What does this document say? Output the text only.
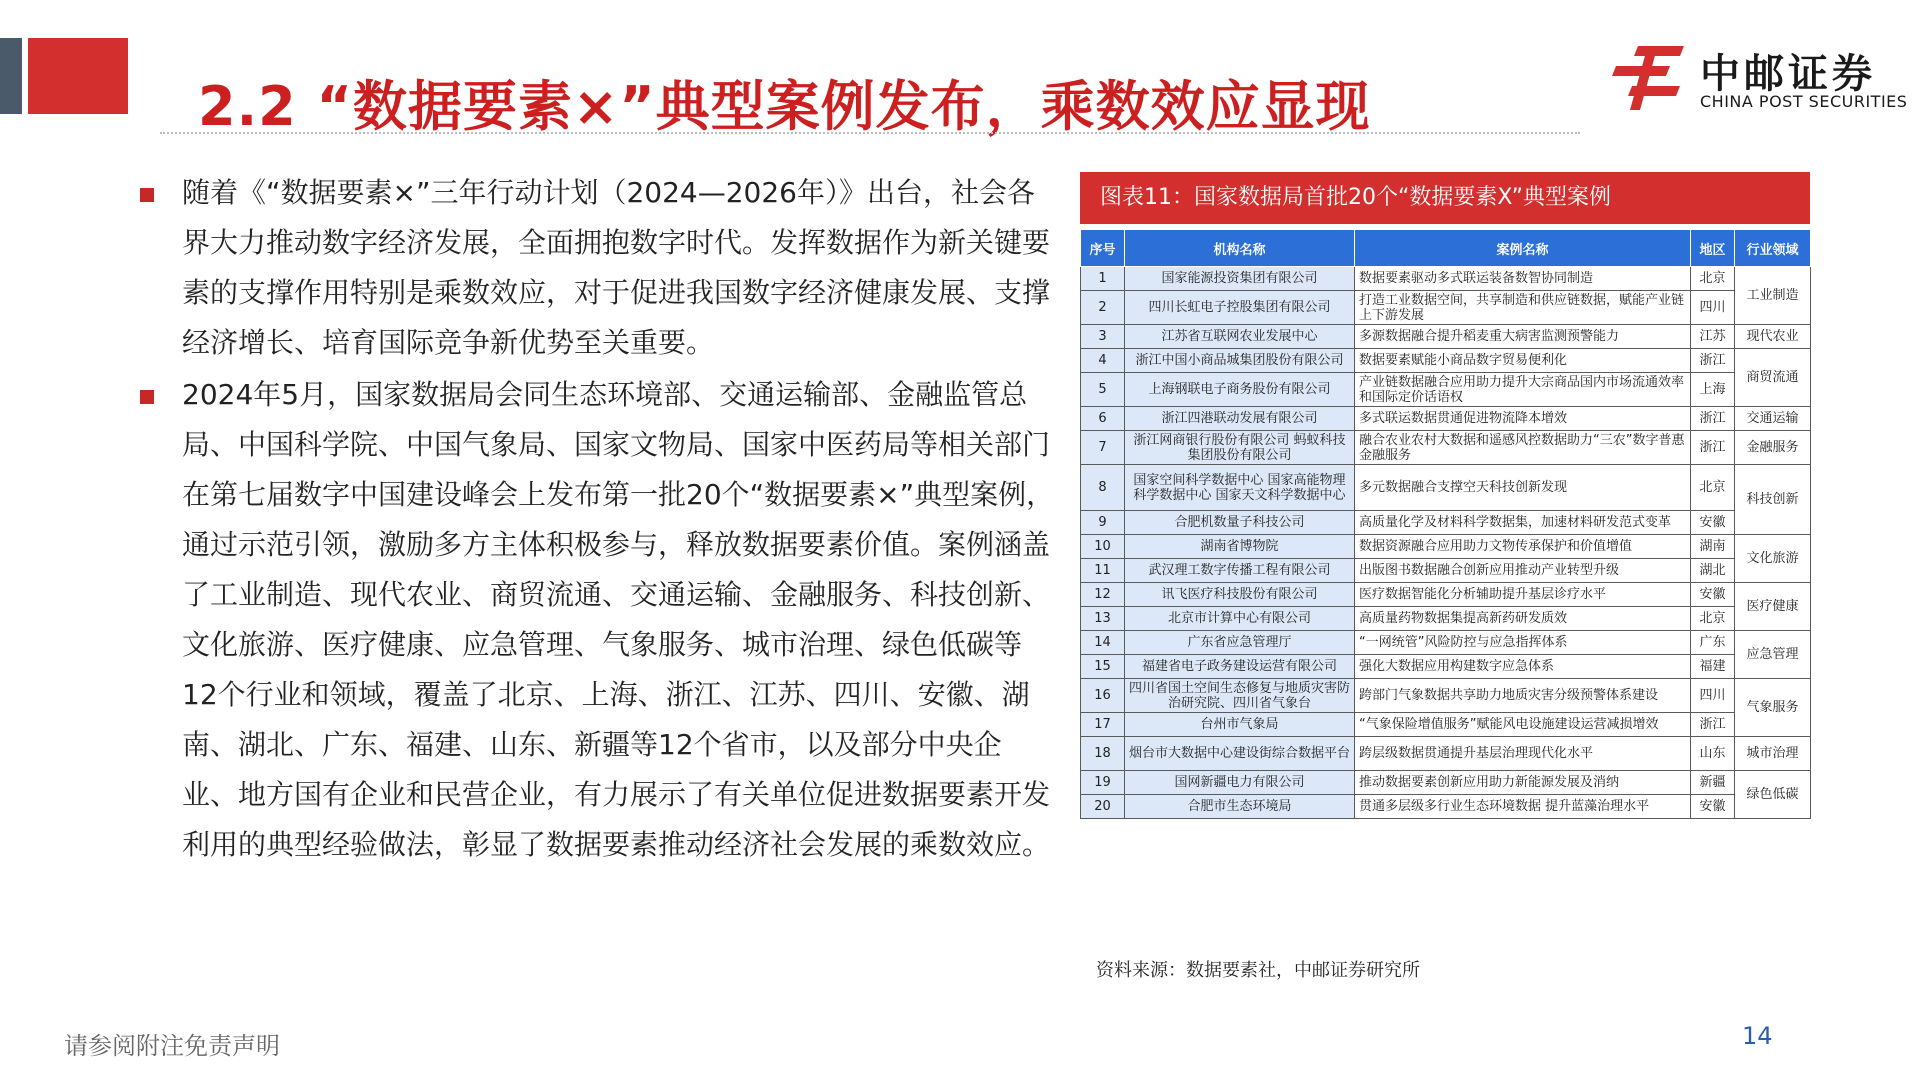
2.2 “数据要素×”典型案例发布，乘数效应显现
中邮证券
CHINA POST SECURITIES
随着《“数据要素×”三年行动计划（2024—2026年）》出台，社会各界大力推动数字经济发展，全面拥抱数字时代。发挥数据作为新关键要素的支撑作用特别是乘数效应，对于促进我国数字经济健康发展、支撑经济增长、培育国际竞争新优势至关重要。
2024年5月，国家数据局会同生态环境部、交通运输部、金融监管总局、中国科学院、中国气象局、国家文物局、国家中医药局等相关部门在第七届数字中国建设峰会上发布第一批20个“数据要素×”典型案例，通过示范引领，激励多方主体积极参与，释放数据要素价值。案例涵盖了工业制造、现代农业、商贸流通、交通运输、金融服务、科技创新、文化旅游、医疗健康、应急管理、气象服务、城市治理、绿色低碳等12个行业和领域，覆盖了北京、上海、浙江、江苏、四川、安徽、湖南、湖北、广东、福建、山东、新疆等12个省市，以及部分中央企业、地方国有企业和民营企业，有力展示了有关单位促进数据要素开发利用的典型经验做法，彰显了数据要素推动经济社会发展的乘数效应。
图表11：国家数据局首批20个“数据要素X”典型案例
序号	机构名称	案例名称	地区	行业领域
1	国家能源投资集团有限公司	数据要素驱动多式联运装备数智协同制造	北京	工业制造
2	四川长虹电子控股集团有限公司	打造工业数据空间，共享制造和供应链数据，赋能产业链上下游发展	四川	
3	江苏省互联网农业发展中心	多源数据融合提升稻麦重大病害监测预警能力	江苏	现代农业
4	浙江中国小商品城集团股份有限公司	数据要素赋能小商品数字贸易便利化	浙江	商贸流通
5	上海钢联电子商务股份有限公司	产业链数据融合应用助力提升大宗商品国内市场流通效率和国际定价话语权	上海	
6	浙江四港联动发展有限公司	多式联运数据贯通促进物流降本增效	浙江	交通运输
7	浙江网商银行股份有限公司 蚂蚁科技集团股份有限公司	融合农业农村大数据和遥感风控数据助力“三农”数字普惠金融服务	浙江	金融服务
8	国家空间科学数据中心 国家高能物理科学数据中心 国家天文科学数据中心	多元数据融合支撑空天科技创新发现	北京	科技创新
9	合肥机数量子科技公司	高质量化学及材料科学数据集，加速材料研发范式变革	安徽	
10	湖南省博物院	数据资源融合应用助力文物传承保护和价值增值	湖南	文化旅游
11	武汉理工数字传播工程有限公司	出版图书数据融合创新应用推动产业转型升级	湖北	
12	讯飞医疗科技股份有限公司	医疗数据智能化分析辅助提升基层诊疗水平	安徽	医疗健康
13	北京市计算中心有限公司	高质量药物数据集提高新药研发质效	北京	
14	广东省应急管理厅	“一网统管”风险防控与应急指挥体系	广东	应急管理
15	福建省电子政务建设运营有限公司	强化大数据应用构建数字应急体系	福建	
16	四川省国土空间生态修复与地质灾害防治研究院、四川省气象台	跨部门气象数据共享助力地质灾害分级预警体系建设	四川	气象服务
17	台州市气象局	“气象保险增值服务”赋能风电设施建设运营减损增效	浙江	
18	烟台市大数据中心建设街综合数据平台	跨层级数据贯通提升基层治理现代化水平	山东	城市治理
19	国网新疆电力有限公司	推动数据要素创新应用助力新能源发展及消纳	新疆	绿色低碳
20	合肥市生态环境局	贯通多层级多行业生态环境数据 提升蓝藻治理水平	安徽	
资料来源：数据要素社，中邮证券研究所
请参阅附注免责声明	14
